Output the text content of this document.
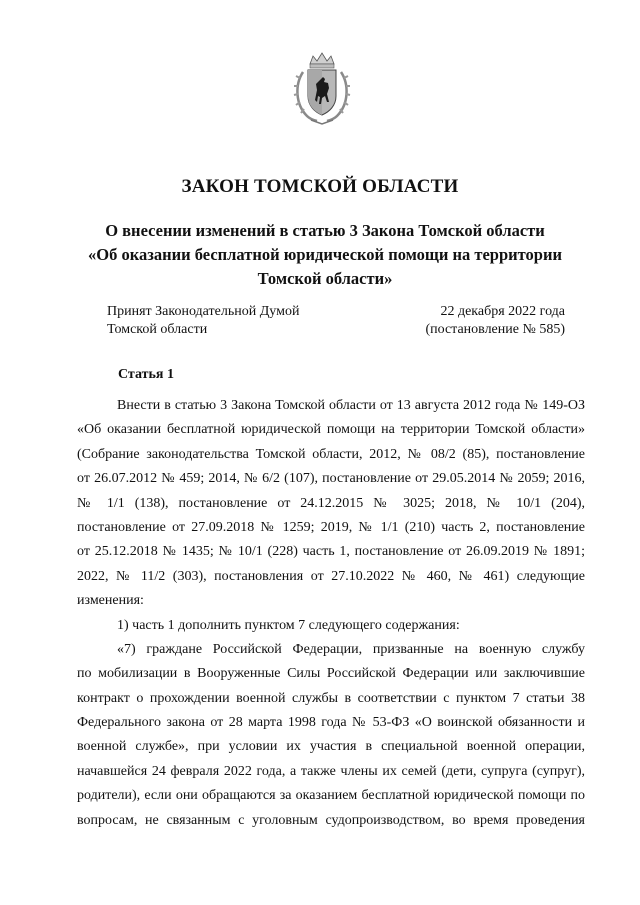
ЗАКОН ТОМСКОЙ ОБЛАСТИ
О внесении изменений в статью 3 Закона Томской области
«Об оказании бесплатной юридической помощи на территории
Томской области»
Принят Законодательной Думой
Томской области
22 декабря 2022 года
(постановление № 585)
Статья 1
Внести в статью 3 Закона Томской области от 13 августа 2012 года № 149-ОЗ
«Об оказании бесплатной юридической помощи на территории Томской области»
(Собрание законодательства Томской области, 2012, № 08/2 (85), постановление
от 26.07.2012 № 459; 2014, № 6/2 (107), постановление от 29.05.2014 № 2059; 2016,
№ 1/1 (138), постановление от 24.12.2015 № 3025; 2018, № 10/1 (204),
постановление от 27.09.2018 № 1259; 2019, № 1/1 (210) часть 2, постановление
от 25.12.2018 № 1435; № 10/1 (228) часть 1, постановление от 26.09.2019 № 1891;
2022, № 11/2 (303), постановления от 27.10.2022 № 460, № 461) следующие
изменения:
1) часть 1 дополнить пунктом 7 следующего содержания:
«7) граждане Российской Федерации, призванные на военную службу
по мобилизации в Вооруженные Силы Российской Федерации или заключившие
контракт о прохождении военной службы в соответствии с пунктом 7 статьи 38
Федерального закона от 28 марта 1998 года № 53-ФЗ «О воинской обязанности и
военной службе», при условии их участия в специальной военной операции,
начавшейся 24 февраля 2022 года, а также члены их семей (дети, супруга (супруг),
родители), если они обращаются за оказанием бесплатной юридической помощи по
вопросам, не связанным с уголовным судопроизводством, во время проведения
